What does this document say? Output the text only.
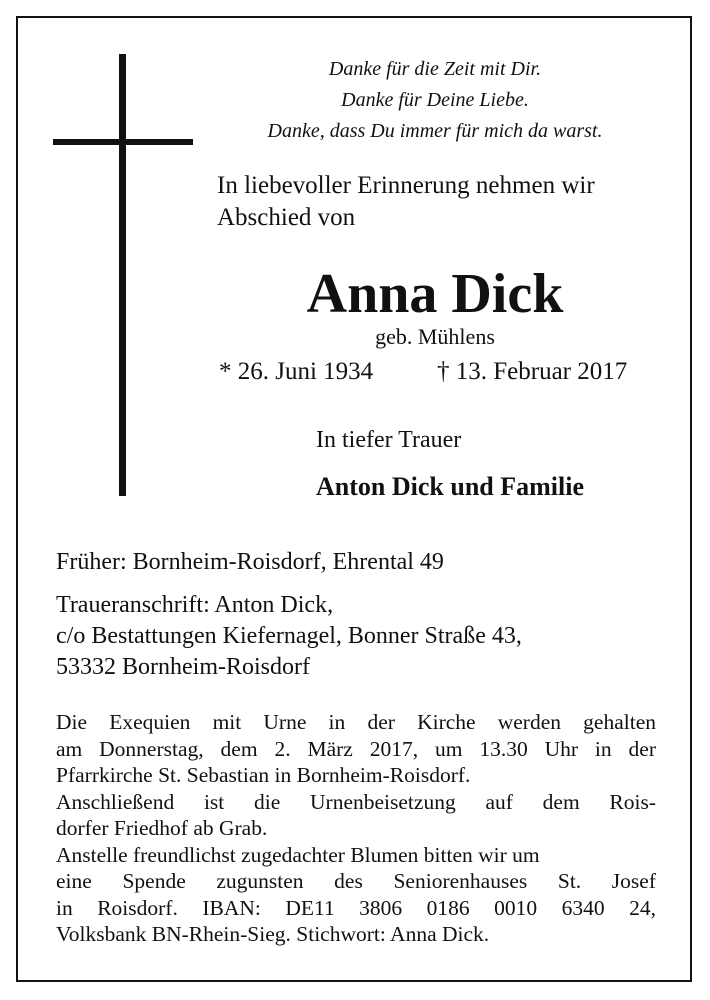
Danke für die Zeit mit Dir.
Danke für Deine Liebe.
Danke, dass Du immer für mich da warst.
In liebevoller Erinnerung nehmen wir
Abschied von
Anna Dick
geb. Mühlens
* 26. Juni 1934	† 13. Februar 2017
In tiefer Trauer
Anton Dick und Familie
Früher: Bornheim-Roisdorf, Ehrental 49
Traueranschrift: Anton Dick,
c/o Bestattungen Kiefernagel, Bonner Straße 43,
53332 Bornheim-Roisdorf
Die Exequien mit Urne in der Kirche werden gehalten
am Donnerstag, dem 2. März 2017, um 13.30 Uhr in der
Pfarrkirche St. Sebastian in Bornheim-Roisdorf.
Anschließend ist die Urnenbeisetzung auf dem Rois-
dorfer Friedhof ab Grab.
Anstelle freundlichst zugedachter Blumen bitten wir um
eine Spende zugunsten des Seniorenhauses St. Josef
in Roisdorf. IBAN: DE11 3806 0186 0010 6340 24,
Volksbank BN-Rhein-Sieg. Stichwort: Anna Dick.
